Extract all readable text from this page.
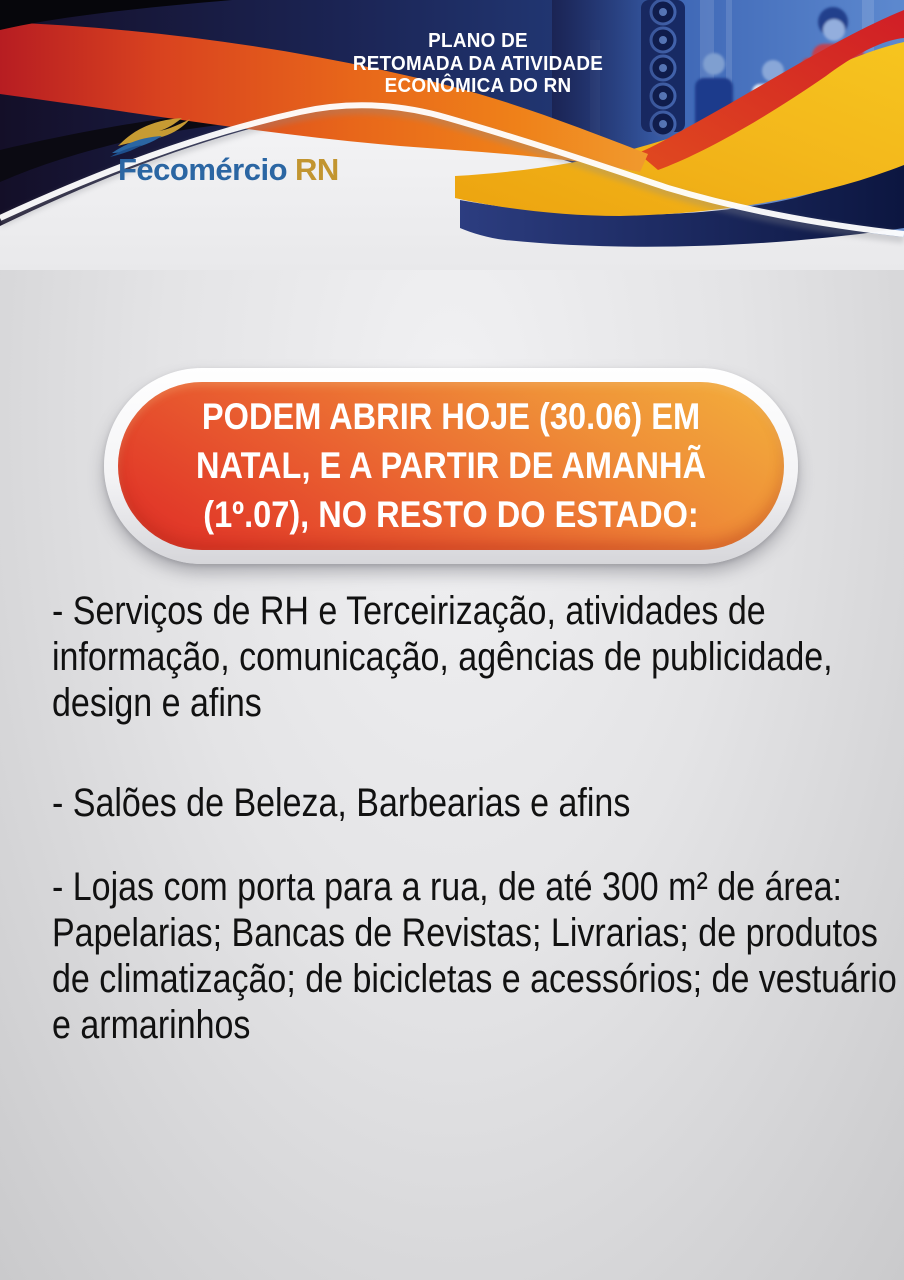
PLANO DE
RETOMADA DA ATIVIDADE
ECONÔMICA DO RN
Fecomércio RN
PODEM ABRIR HOJE (30.06) EM
NATAL, E A PARTIR DE AMANHÃ
(1º.07), NO RESTO DO ESTADO:
- Serviços de RH e Terceirização, atividades de
informação, comunicação, agências de publicidade,
design e afins
- Salões de Beleza, Barbearias e afins
- Lojas com porta para a rua, de até 300 m² de área:
Papelarias; Bancas de Revistas; Livrarias; de produtos
de climatização; de bicicletas e acessórios; de vestuário
e armarinhos
